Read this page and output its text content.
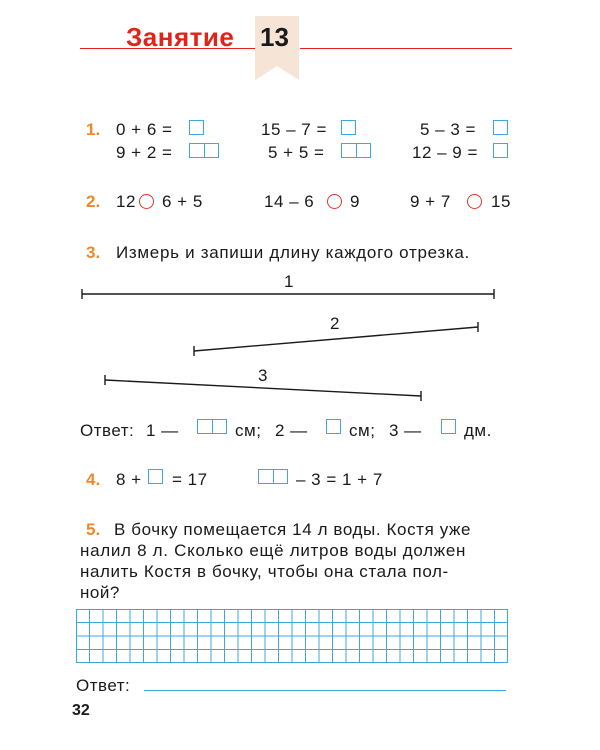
Занятие 13
1. 0 + 6 =	15 – 7 =	5 – 3 =
9 + 2 =	5 + 5 =	12 – 9 =
2. 12 6 + 5	14 – 6 9	9 + 7 15
3. Измерь и запиши длину каждого отрезка.
1
2
3
Ответ: 1 —	см; 2 — см; 3 — дм.
4. 8 + = 17	– 3 = 1 + 7
5. В бочку помещается 14 л воды. Костя уже
налил 8 л. Сколько ещё литров воды должен
налить Костя в бочку, чтобы она стала пол-
ной?
Ответ:
32
